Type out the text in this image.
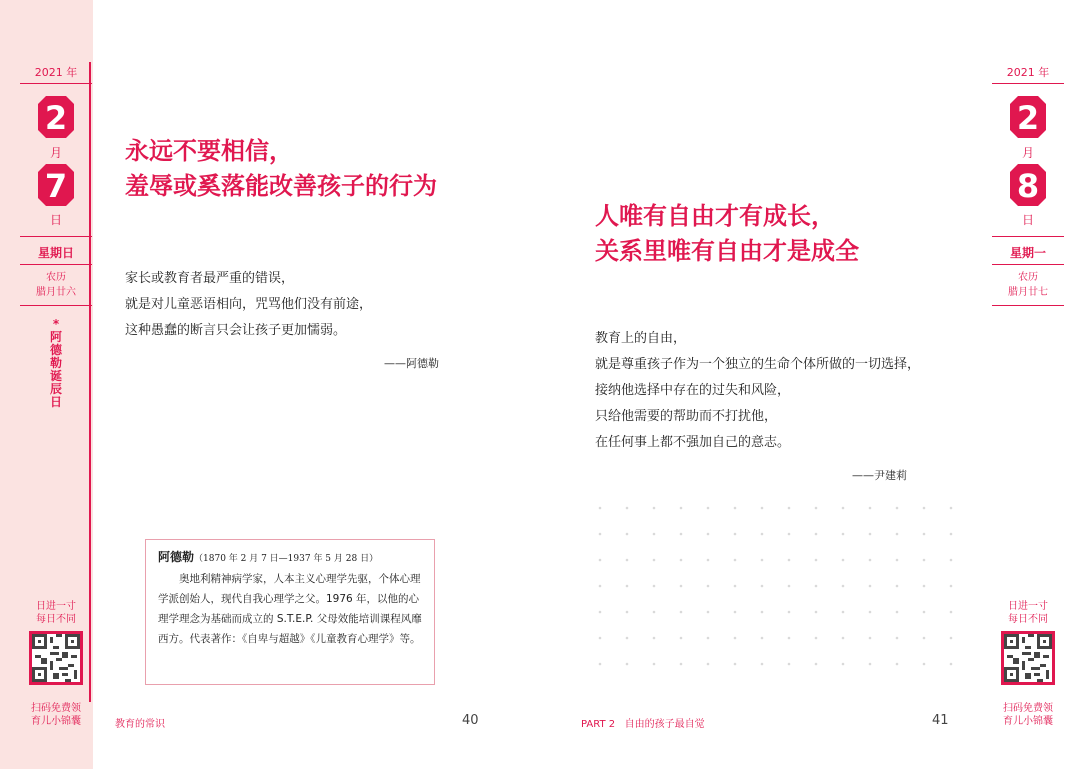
2021 年
2
月
7
日
星期日
农历
腊月廿六
*
阿
德
勒
诞
辰
日
日进一寸
每日不同
扫码免费领
育儿小锦囊
永远不要相信，
羞辱或奚落能改善孩子的行为
家长或教育者最严重的错误，
就是对儿童恶语相向，咒骂他们没有前途，
这种愚蠢的断言只会让孩子更加懦弱。
——阿德勒
阿德勒（1870 年 2 月 7 日—1937 年 5 月 28 日）
奥地利精神病学家，人本主义心理学先驱，个体心理学派创始人，现代自我心理学之父。1976 年，以他的心理学理念为基础而成立的 S.T.E.P. 父母效能培训课程风靡西方。代表著作：《自卑与超越》《儿童教育心理学》等。
教育的常识	40
人唯有自由才有成长，
关系里唯有自由才是成全
教育上的自由，
就是尊重孩子作为一个独立的生命个体所做的一切选择，
接纳他选择中存在的过失和风险，
只给他需要的帮助而不打扰他，
在任何事上都不强加自己的意志。
——尹建莉
PART 2 自由的孩子最自觉	41
2021 年
2
月
8
日
星期一
农历
腊月廿七
日进一寸
每日不同
扫码免费领
育儿小锦囊
